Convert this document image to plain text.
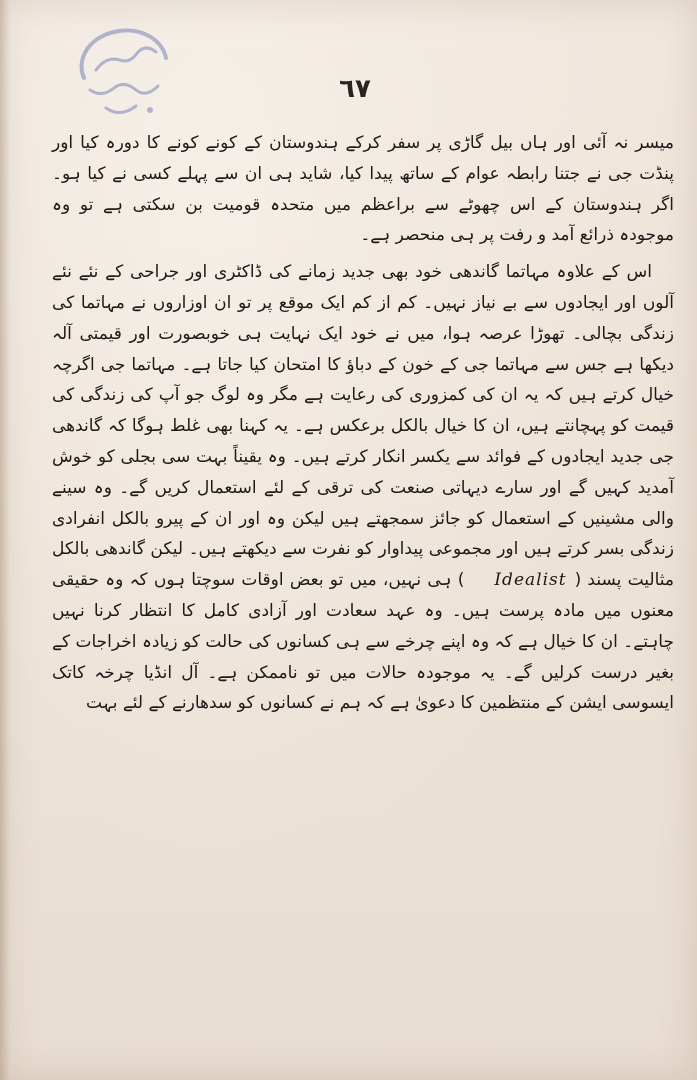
٦٧

میسر نہ آئی اور ہاں بیل گاڑی پر سفر کرکے ہندوستان کے کونے کونے کا دورہ کیا اور پنڈت جی نے جتنا رابطہ عوام کے ساتھ پیدا کیا، شاید ہی ان سے پہلے کسی نے کیا ہو۔ اگر ہندوستان کے اس چھوٹے سے براعظم میں متحدہ قومیت بن سکتی ہے تو وہ موجودہ ذرائع آمد و رفت پر ہی منحصر ہے۔

اس کے علاوہ مہاتما گاندھی خود بھی جدید زمانے کی ڈاکٹری اور جراحی کے نئے نئے آلوں اور ایجادوں سے بے نیاز نہیں۔ کم از کم ایک موقع پر تو ان اوزاروں نے مہاتما کی زندگی بچالی۔ تھوڑا عرصہ ہوا، میں نے خود ایک نہایت ہی خوبصورت اور قیمتی آلہ دیکھا ہے جس سے مہاتما جی کے خون کے دباؤ کا امتحان کیا جاتا ہے۔ مہاتما جی اگرچہ خیال کرتے ہیں کہ یہ ان کی کمزوری کی رعایت ہے مگر وہ لوگ جو آپ کی زندگی کی قیمت کو پہچانتے ہیں، ان کا خیال بالکل برعکس ہے۔ یہ کہنا بھی غلط ہوگا کہ گاندھی جی جدید ایجادوں کے فوائد سے یکسر انکار کرتے ہیں۔ وہ یقیناً بہت سی بجلی کو خوش آمدید کہیں گے اور سارے دیہاتی صنعت کی ترقی کے لئے استعمال کریں گے۔ وہ سینے والی مشینیں کے استعمال کو جائز سمجھتے ہیں لیکن وہ اور ان کے پیرو بالکل انفرادی زندگی بسر کرتے ہیں اور مجموعی پیداوار کو نفرت سے دیکھتے ہیں۔ لیکن گاندھی بالکل مثالیت پسند (Idealist) ہی نہیں، میں تو بعض اوقات سوچتا ہوں کہ وہ حقیقی معنوں میں مادہ پرست ہیں۔ وہ عہد سعادت اور آزادی کامل کا انتظار کرنا نہیں چاہتے۔ ان کا خیال ہے کہ وہ اپنے چرخے سے ہی کسانوں کی حالت کو زیادہ اخراجات کے بغیر درست کرلیں گے۔ یہ موجودہ حالات میں تو ناممکن ہے۔ آل انڈیا چرخہ کاتک ایسوسی ایشن کے منتظمین کا دعویٰ ہے کہ ہم نے کسانوں کو سدھارنے کے لئے بہت
